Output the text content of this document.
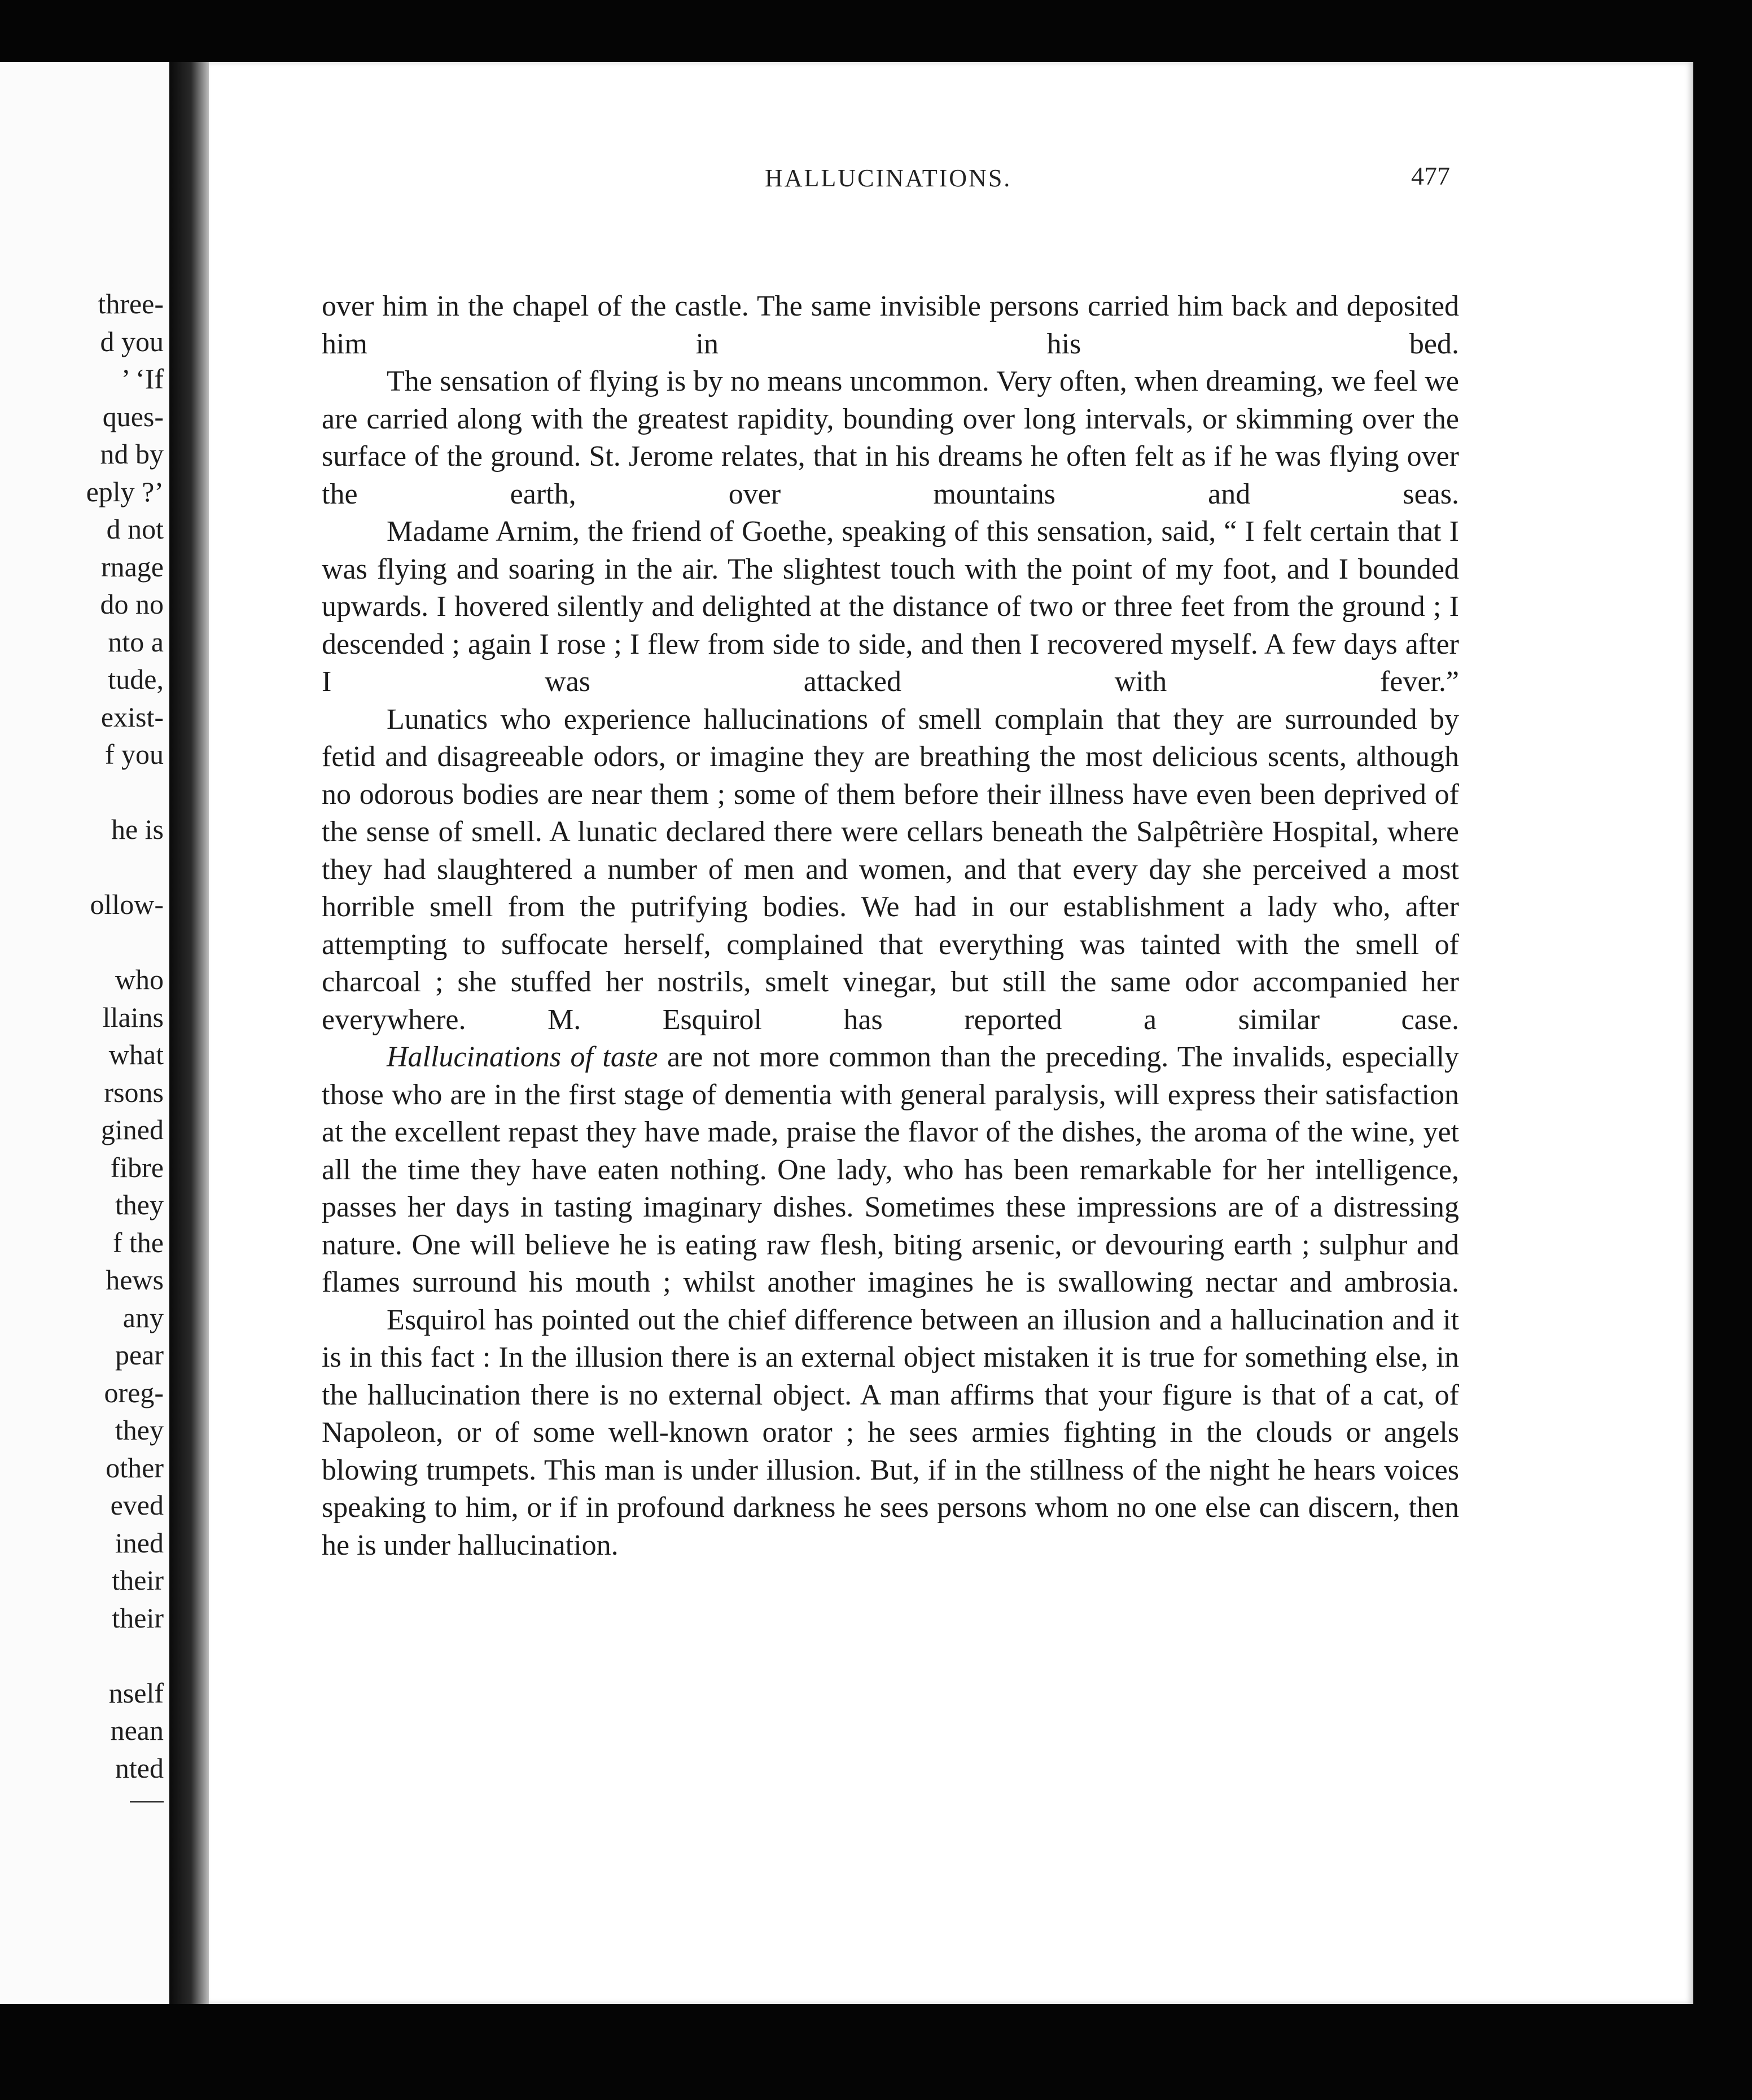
three-
d you
’ ‘If
ques-
nd by
eply ?’
d not
rnage
do no
nto a
tude,
exist-
f you
he is
ollow-
who
llains
what
rsons
gined
fibre
they
f the
hews
any
pear
oreg-
they
other
eved
ined
their
their
nself
nean
nted
HALLUCINATIONS.	477

over him in the chapel of the castle. The same invisible persons carried him back and deposited him in his bed.

The sensation of flying is by no means uncommon. Very often, when dreaming, we feel we are carried along with the greatest rapidity, bounding over long intervals, or skimming over the surface of the ground. St. Jerome relates, that in his dreams he often felt as if he was flying over the earth, over mountains and seas.

Madame Arnim, the friend of Goethe, speaking of this sensation, said, “ I felt certain that I was flying and soaring in the air. The slightest touch with the point of my foot, and I bounded upwards. I hovered silently and delighted at the distance of two or three feet from the ground ; I descended ; again I rose ; I flew from side to side, and then I recovered myself. A few days after I was attacked with fever.”

Lunatics who experience hallucinations of smell complain that they are surrounded by fetid and disagreeable odors, or imagine they are breathing the most delicious scents, although no odorous bodies are near them ; some of them before their illness have even been deprived of the sense of smell. A lunatic declared there were cellars beneath the Salpêtrière Hospital, where they had slaughtered a number of men and women, and that every day she perceived a most horrible smell from the putrifying bodies. We had in our establishment a lady who, after attempting to suffocate herself, complained that everything was tainted with the smell of charcoal ; she stuffed her nostrils, smelt vinegar, but still the same odor accompanied her everywhere. M. Esquirol has reported a similar case.

Hallucinations of taste are not more common than the preceding. The invalids, especially those who are in the first stage of dementia with general paralysis, will express their satisfaction at the excellent repast they have made, praise the flavor of the dishes, the aroma of the wine, yet all the time they have eaten nothing. One lady, who has been remarkable for her intelligence, passes her days in tasting imaginary dishes. Sometimes these impressions are of a distressing nature. One will believe he is eating raw flesh, biting arsenic, or devouring earth ; sulphur and flames surround his mouth ; whilst another imagines he is swallowing nectar and ambrosia.

Esquirol has pointed out the chief difference between an illusion and a hallucination and it is in this fact : In the illusion there is an external object mistaken it is true for something else, in the hallucination there is no external object. A man affirms that your figure is that of a cat, of Napoleon, or of some well-known orator ; he sees armies fighting in the clouds or angels blowing trumpets. This man is under illusion. But, if in the stillness of the night he hears voices speaking to him, or if in profound darkness he sees persons whom no one else can discern, then he is under hallucination.
